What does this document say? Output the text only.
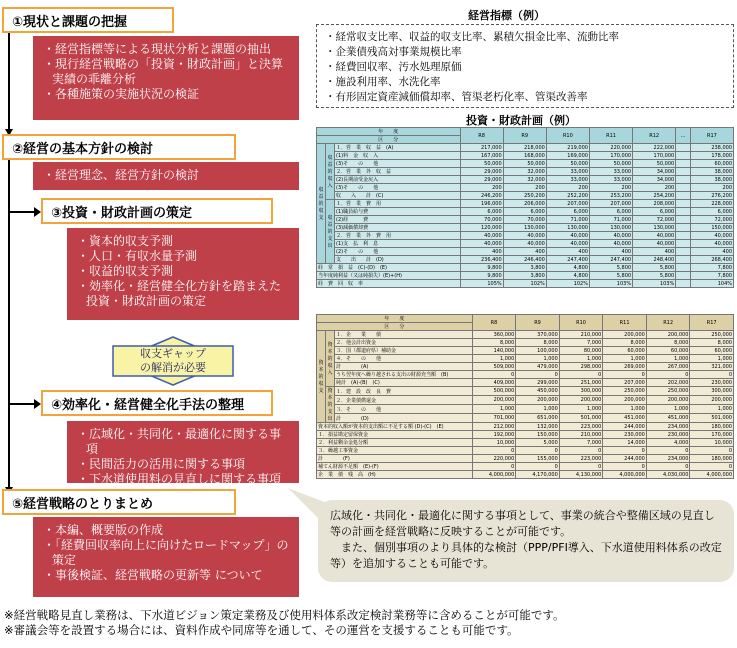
①現状と課題の把握
・ 経営指標等による現状分析と課題の抽出
・ 現行経営戦略の「投資・財政計画」と決算実績の乖離分析
・ 各種施策の実施状況の検証
②経営の基本方針の検討
・ 経営理念、経営方針の検討
③投資・財政計画の策定
・ 資本的収支予測
・ 人口・有収水量予測
・ 収益的収支予測
・ 効率化・経営健全化方針を踏まえた投資・財政計画の策定
収支ギャップ
の解消が必要
④効率化・経営健全化手法の整理
・ 広域化・共同化・最適化に関する事項
・ 民間活力の活用に関する事項
・ 下水道使用料の見直しに関する事項
⑤経営戦略のとりまとめ
・ 本編、概要版の作成
・ 「経費回収率向上に向けたロードマップ」の策定
・ 事後検証、経営戦略の更新等 について
経営指標（例）
・ 経常収支比率、収益的収支比率、累積欠損金比率、流動比率
・ 企業債残高対事業規模比率
・ 経費回収率、汚水処理原価
・ 施設利用率、水洗化率
・ 有形固定資産減価償却率、管渠老朽化率、管渠改善率
投資・財政計画（例）
年　　度			R8	R9	R10	R11	R12	…	R17
区　　分									
収益的収支	収益的収入	１．営　業　収　益　(A)	217,000	218,000	219,000	220,000	222,000		238,000
		(1)料　金　収　入	167,000	168,000	169,000	170,000	170,000		178,000
		(3)そ　　の　　他	50,000	50,000	50,000	50,000	50,000		60,000
		２．営　業　外　収　益	29,000	32,000	33,000	33,000	34,000		38,000
		(2)長期前受金戻入	29,000	32,000	33,000	33,000	34,000		38,000
		(3)そ　　の　　他	200	200	200	200	200		200
		収　　入　　計　(C)	246,200	250,200	252,200	253,200	254,200		276,200
	収益的支出	１．営　業　費　用	196,000	206,000	207,000	207,000	208,000		228,000
		(1)職員給与費	6,000	6,000	6,000	6,000	6,000		6,000
		(2)経　　　費	70,000	70,000	71,000	71,000	72,000		72,000
		(3)減価償却費	120,000	130,000	130,000	130,000	130,000		150,000
		２．営　業　外　費　用	40,000	40,000	40,000	40,000	40,000		40,000
		(1)支　払　利　息	40,000	40,000	40,000	40,000	40,000		40,000
		(2)そ　　の　　他	400	400	400	400	400		400
		支　　出　　計　(D)	236,400	246,400	247,400	247,400	248,400		268,400
経　常　損　益　(C)-(D)　(E)			9,800	3,800	4,800	5,800	5,800		7,800
当年度純利益（又は純損失）(E)+(H)			9,800	3,800	4,800	5,800	5,800		7,800
経　費　回　収　率			105%	102%	102%	103%	103%		104%
年　　度			R8	R9	R10	R11	R12	R17
区　　分								
資本的収支	資本的収入	１．企　　業　　債	360,000	370,000	210,000	200,000	200,000	250,000
		２．他会計出資金	8,000	8,000	7,000	8,000	8,000	8,000
		３．国（都道府県）補助金	140,000	100,000	80,000	60,000	60,000	60,000
		４．そ　　の　　他	1,000	1,000	1,000	1,000	1,000	1,000
		計　　　　(A)	509,000	479,000	298,000	269,000	267,000	321,000
		うち翌年度へ繰り越される支出の財源充当額　(B)	0	0	0	0	0	0
		純計　(A)-(B)　(C)	409,000	299,000	251,000	207,000	202,000	230,000
	資本的支出	１．建　設　改　良　費	500,000	450,000	300,000	250,000	250,000	300,000
		２．企業債償還金	200,000	200,000	200,000	200,000	200,000	200,000
		３．そ　　の　　他	1,000	1,000	1,000	1,000	1,000	1,000
		計　　　　(D)	701,000	651,000	501,000	451,000	451,000	501,000
資本的収入額が資本的支出額に不足する額 (D)-(C)　(E)			212,000	132,000	223,000	244,000	234,000	180,000
１．損益勘定留保資金			192,000	150,000	210,000	230,000	230,000	170,000
２．利益剰余金処分額			10,000	5,000	7,000	14,000	4,000	10,000
３．繰越工事資金			0	0	0	0	0	0
計　　　　(F)			220,000	155,000	223,000	244,000	234,000	180,000
補てん財源不足額　(E)-(F)			0	0	0	0	0	0
企　業　債　残　高　(H)			4,000,000	4,170,000	4,130,000	4,000,000	4,030,000	4,000,000
広域化・共同化・最適化に関する事項として、事業の統合や整備区域の見直し等の計画を経営戦略に反映することが可能です。
　また、個別事項のより具体的な検討（PPP/PFI導入、下水道使用料体系の改定等）を追加することも可能です。
※経営戦略見直し業務は、下水道ビジョン策定業務及び使用料体系改定検討業務等に含めることが可能です。
※審議会等を設置する場合には、資料作成や同席等を通して、その運営を支援することも可能です。
